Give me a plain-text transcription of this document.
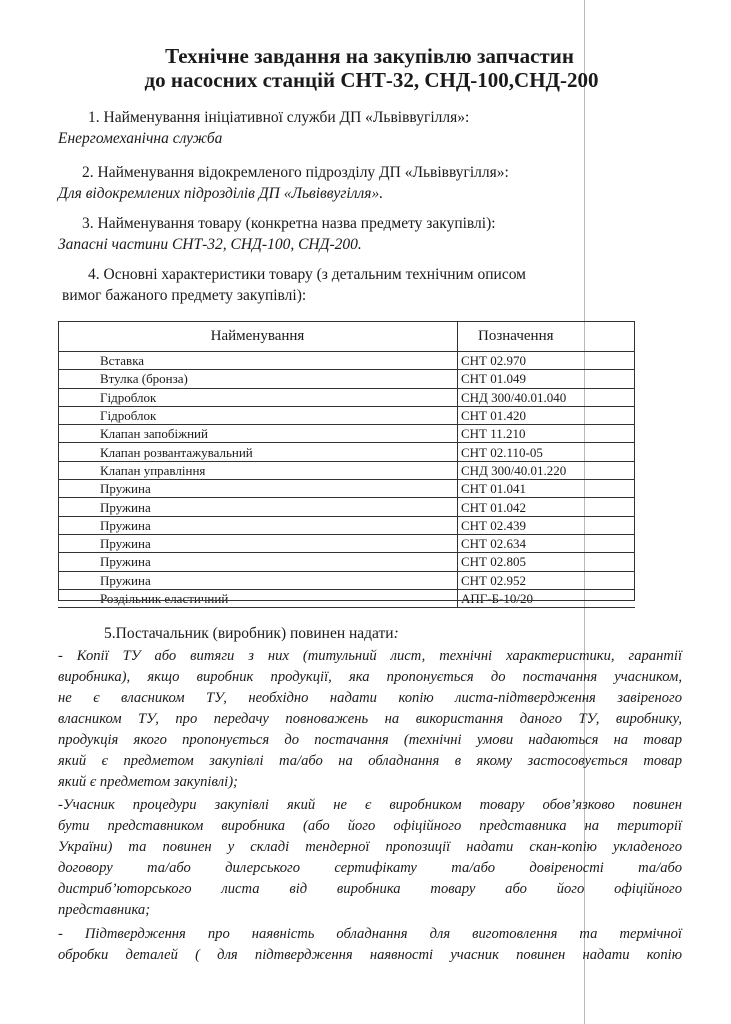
Технічне завдання на закупівлю запчастин
до насосних станцій СНТ-32, СНД-100,СНД-200
1. Найменування ініціативної служби ДП «Львіввугілля»:
Енергомеханічна служба
2. Найменування відокремленого підрозділу ДП «Львіввугілля»:
Для відокремлених підрозділів ДП «Львіввугілля».
3. Найменування товару (конкретна назва предмету закупівлі):
Запасні частини СНТ-32, СНД-100, СНД-200.
4. Основні характеристики товару (з детальним технічним описом
вимог бажаного предмету закупівлі):
Найменування	Позначення
Вставка	СНТ 02.970
Втулка (бронза)	СНТ 01.049
Гідроблок	СНД 300/40.01.040
Гідроблок	СНТ 01.420
Клапан запобіжний	СНТ 11.210
Клапан розвантажувальний	СНТ 02.110-05
Клапан управління	СНД 300/40.01.220
Пружина	СНТ 01.041
Пружина	СНТ 01.042
Пружина	СНТ 02.439
Пружина	СНТ 02.634
Пружина	СНТ 02.805
Пружина	СНТ 02.952
Роздільник еластичний	АПГ-Б-10/20
5.Постачальник (виробник) повинен надати:
- Копії ТУ або витяги з них (титульний лист, технічні характеристики, гарантії
виробника), якщо виробник продукції, яка пропонується до постачання учасником,
не є власником ТУ, необхідно надати копію листа-підтвердження завіреного
власником ТУ, про передачу повноважень на використання даного ТУ, виробнику,
продукція якого пропонується до постачання (технічні умови надаються на товар
який є предметом закупівлі та/або на обладнання в якому застосовується товар
який є предметом закупівлі);
-Учасник процедури закупівлі який не є виробником товару обов’язково повинен
бути представником виробника (або його офіційного представника на території
України) та повинен у складі тендерної пропозиції надати скан-копію укладеного
договору та/або дилерського сертифікату та/або довіреності та/або
дистриб’юторського листа від виробника товару або його офіційного
представника;
- Підтвердження про наявність обладнання для виготовлення та термічної
обробки деталей ( для підтвердження наявності учасник повинен надати копію
